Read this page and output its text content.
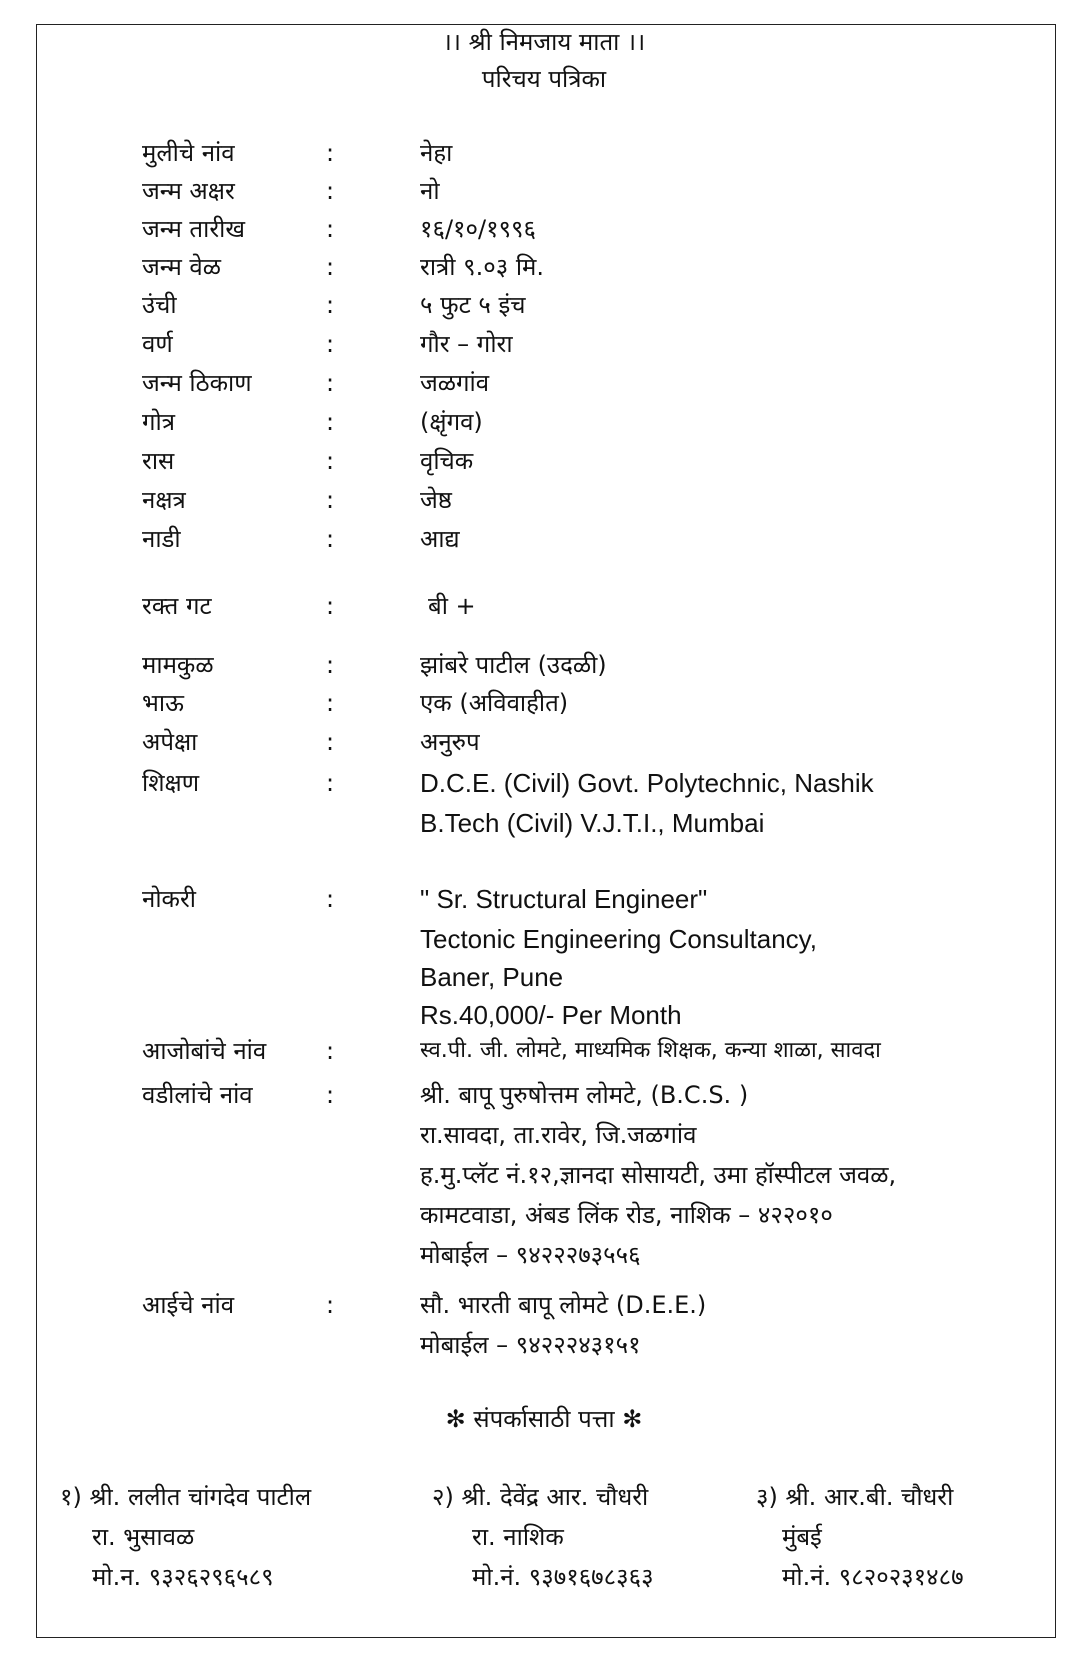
।। श्री निमजाय माता ।।
परिचय पत्रिका
मुलीचे नांव	:	नेहा
जन्म अक्षर	:	नो
जन्म तारीख	:	१६/१०/१९९६
जन्म वेळ	:	रात्री ९.०३ मि.
उंची	:	५ फुट ५ इंच
वर्ण	:	गौर – गोरा
जन्म ठिकाण	:	जळगांव
गोत्र	:	(क्षृंगव)
रास	:	वृचिक
नक्षत्र	:	जेष्ठ
नाडी	:	आद्य
रक्त गट	:	बी +
मामकुळ	:	झांबरे पाटील (उदळी)
भाऊ	:	एक (अविवाहीत)
अपेक्षा	:	अनुरुप
शिक्षण	:	D.C.E. (Civil) Govt. Polytechnic, Nashik
B.Tech (Civil) V.J.T.I., Mumbai
नोकरी	:	" Sr. Structural Engineer"
Tectonic Engineering Consultancy,
Baner, Pune
Rs.40,000/- Per Month
आजोबांचे नांव :	स्व.पी. जी. लोमटे, माध्यमिक शिक्षक, कन्या शाळा, सावदा
वडीलांचे नांव	:	श्री. बापू पुरुषोत्तम लोमटे, (B.C.S. )
रा.सावदा, ता.रावेर, जि.जळगांव
ह.मु.प्लॅट नं.१२,ज्ञानदा सोसायटी, उमा हॉस्पीटल जवळ,
कामटवाडा, अंबड लिंक रोड, नाशिक – ४२२०१०
मोबाईल – ९४२२२७३५५६
आईचे नांव	:	सौ. भारती बापू लोमटे (D.E.E.)
मोबाईल – ९४२२२४३१५१
✻ संपर्कासाठी पत्ता ✻
१) श्री. ललीत चांगदेव पाटील
रा. भुसावळ
मो.न. ९३२६२९६५८९
२) श्री. देवेंद्र आर. चौधरी
रा. नाशिक
मो.नं. ९३७१६७८३६३
३) श्री. आर.बी. चौधरी
मुंबई
मो.नं. ९८२०२३१४८७
